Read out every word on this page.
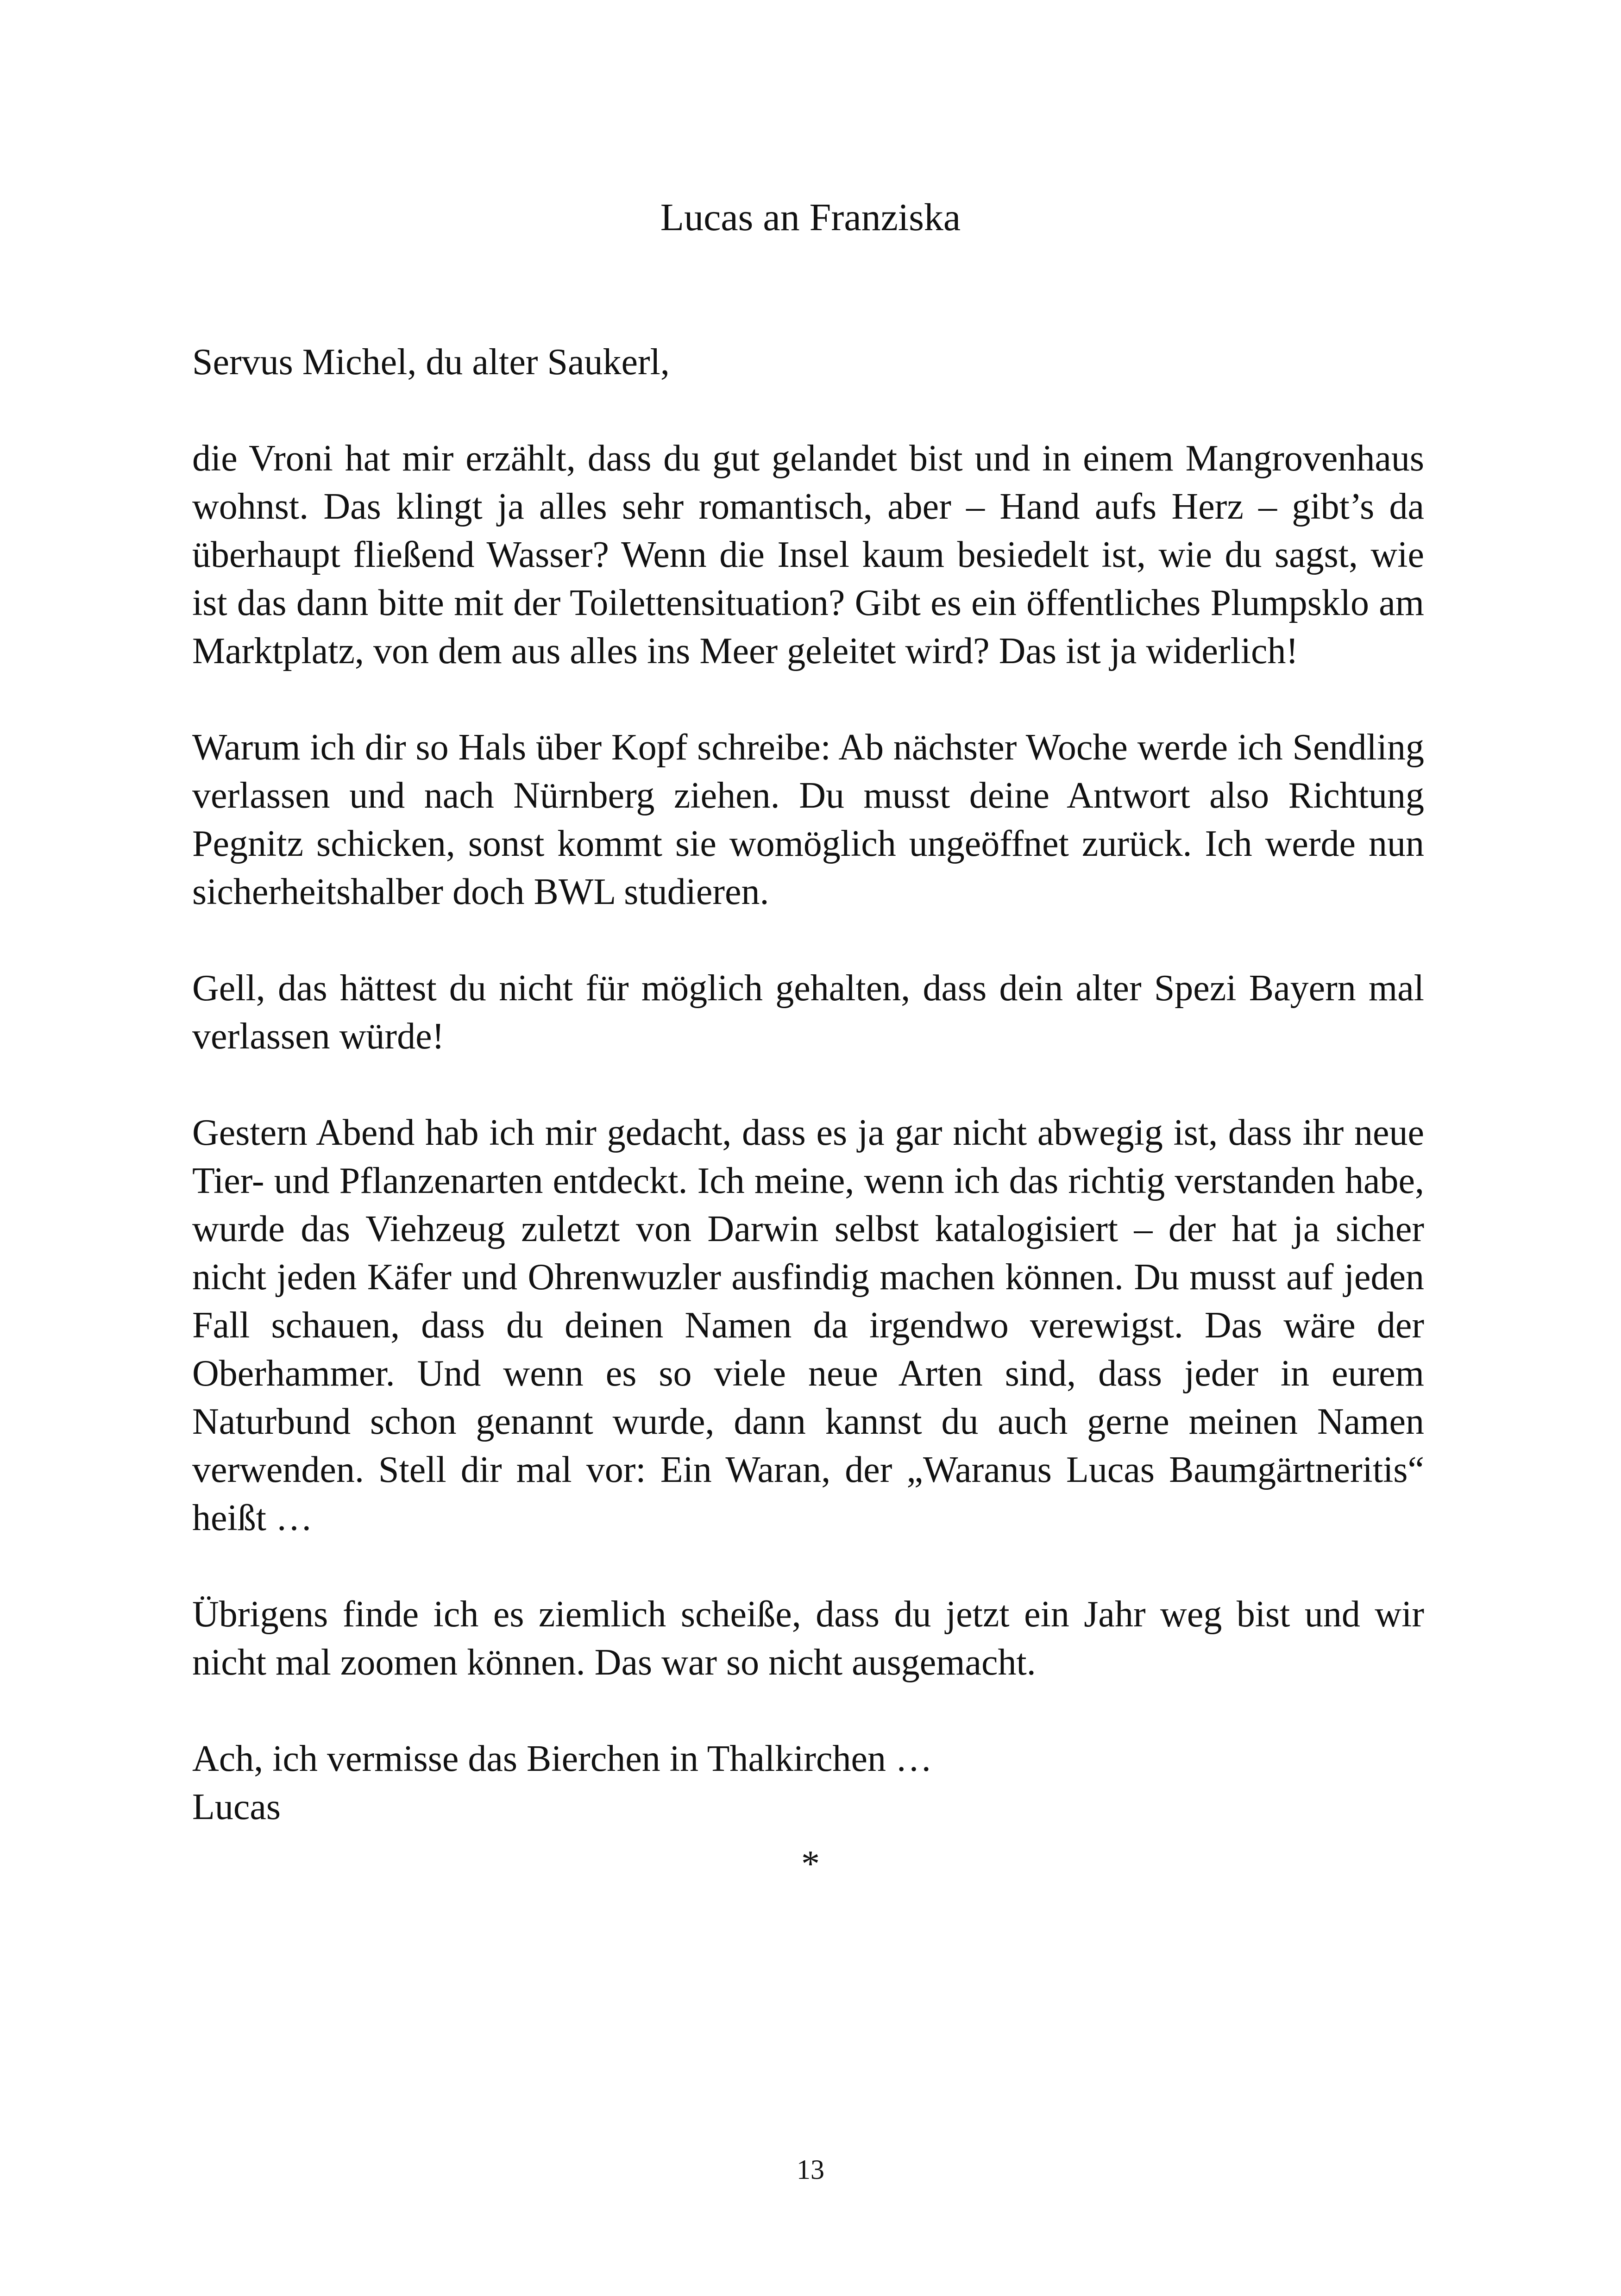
Lucas an Franziska

Servus Michel, du alter Saukerl,

die Vroni hat mir erzählt, dass du gut gelandet bist und in einem Mangrovenhaus wohnst. Das klingt ja alles sehr romantisch, aber – Hand aufs Herz – gibt’s da überhaupt fließend Wasser? Wenn die Insel kaum besiedelt ist, wie du sagst, wie ist das dann bitte mit der Toilettensituation? Gibt es ein öffentliches Plumpsklo am Marktplatz, von dem aus alles ins Meer geleitet wird? Das ist ja widerlich!

Warum ich dir so Hals über Kopf schreibe: Ab nächster Woche werde ich Sendling verlassen und nach Nürnberg ziehen. Du musst deine Antwort also Richtung Pegnitz schicken, sonst kommt sie womöglich ungeöffnet zurück. Ich werde nun sicherheitshalber doch BWL studieren.

Gell, das hättest du nicht für möglich gehalten, dass dein alter Spezi Bayern mal verlassen würde!

Gestern Abend hab ich mir gedacht, dass es ja gar nicht abwegig ist, dass ihr neue Tier- und Pflanzenarten entdeckt. Ich meine, wenn ich das richtig verstanden habe, wurde das Viehzeug zuletzt von Darwin selbst katalogisiert – der hat ja sicher nicht jeden Käfer und Ohrenwuzler ausfindig machen können. Du musst auf jeden Fall schauen, dass du deinen Namen da irgendwo verewigst. Das wäre der Oberhammer. Und wenn es so viele neue Arten sind, dass jeder in eurem Naturbund schon genannt wurde, dann kannst du auch gerne meinen Namen verwenden. Stell dir mal vor: Ein Waran, der „Waranus Lucas Baumgärtneritis“ heißt …

Übrigens finde ich es ziemlich scheiße, dass du jetzt ein Jahr weg bist und wir nicht mal zoomen können. Das war so nicht ausgemacht.

Ach, ich vermisse das Bierchen in Thalkirchen …

Lucas

*
13
